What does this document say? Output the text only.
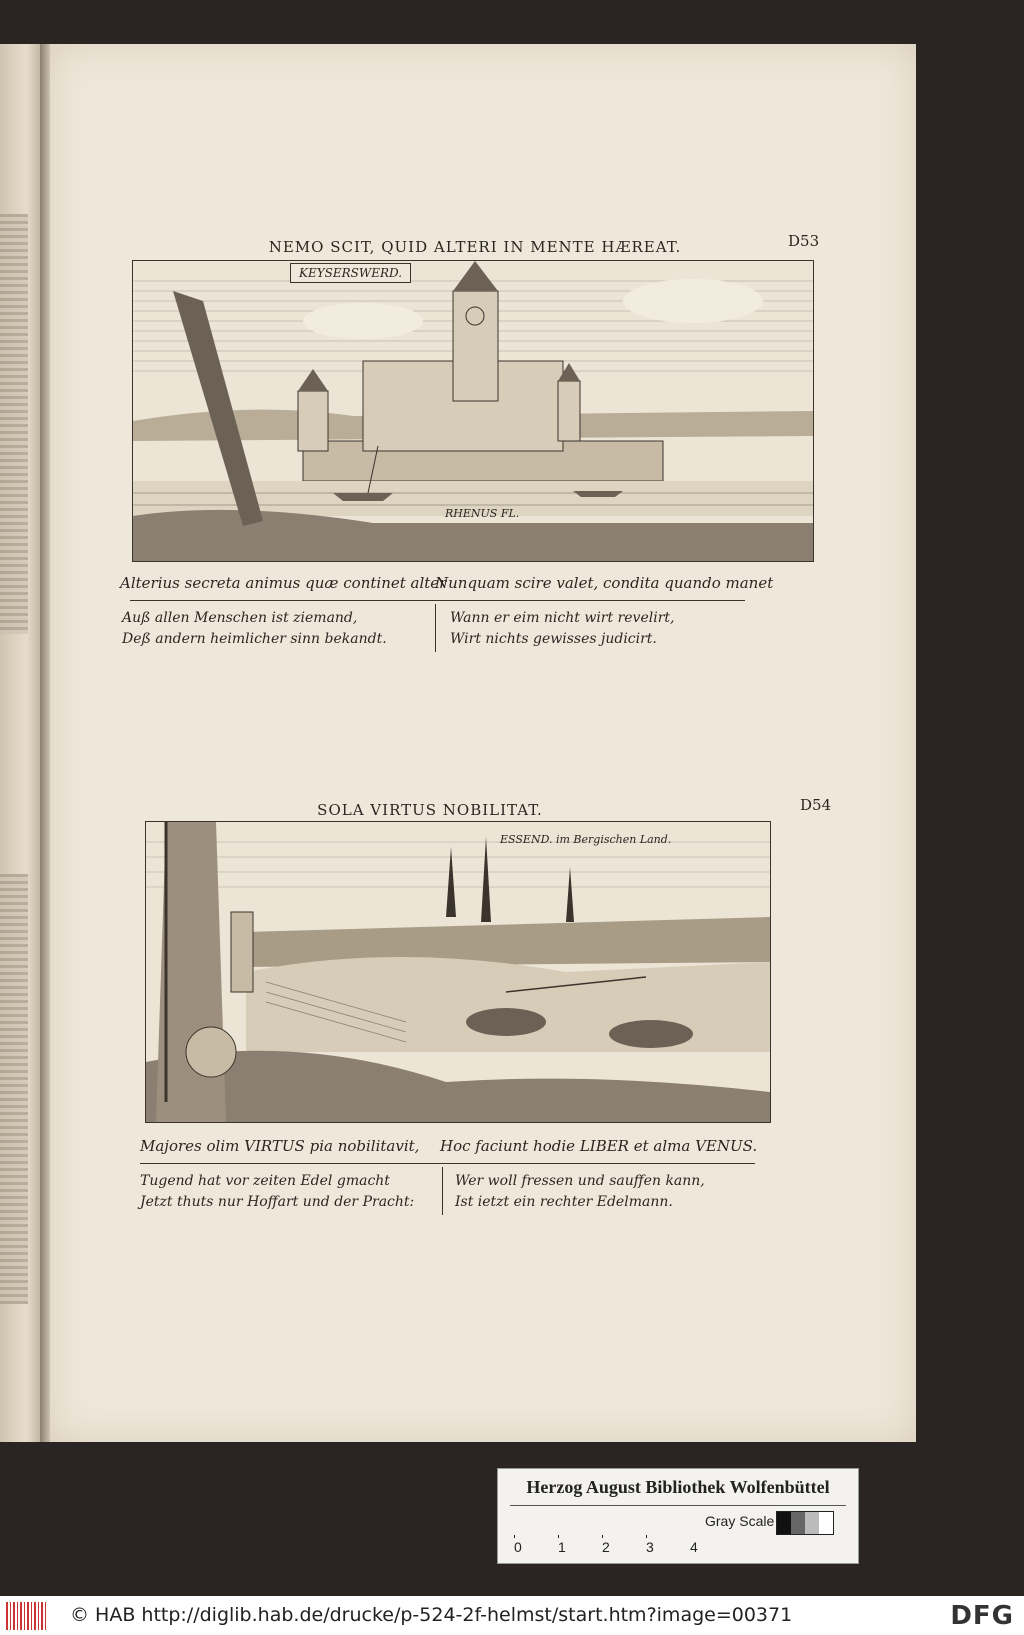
NEMO SCIT, QUID ALTERI IN MENTE HÆREAT.	D53
KEYSERSWERD.
RHENUS FL.
Alterius secreta animus quæ continet alter
Nunquam scire valet, condita quando manet
Auß allen Menschen ist ziemand,
Deß andern heimlicher sinn bekandt.
Wann er eim nicht wirt revelirt,
Wirt nichts gewisses judicirt.
SOLA VIRTUS NOBILITAT.	D54
ESSEND. im Bergischen Land.
Majores olim VIRTUS pia nobilitavit, Hoc faciunt hodie LIBER et alma VENUS.
Tugend hat vor zeiten Edel gmacht
Jetzt thuts nur Hoffart und der Pracht:
Wer woll fressen und sauffen kann,
Ist ietzt ein rechter Edelmann.
Herzog August Bibliothek Wolfenbüttel
Gray Scale
0	1	2	3	4
© HAB http://diglib.hab.de/drucke/p-524-2f-helmst/start.htm?image=00371	DFG
